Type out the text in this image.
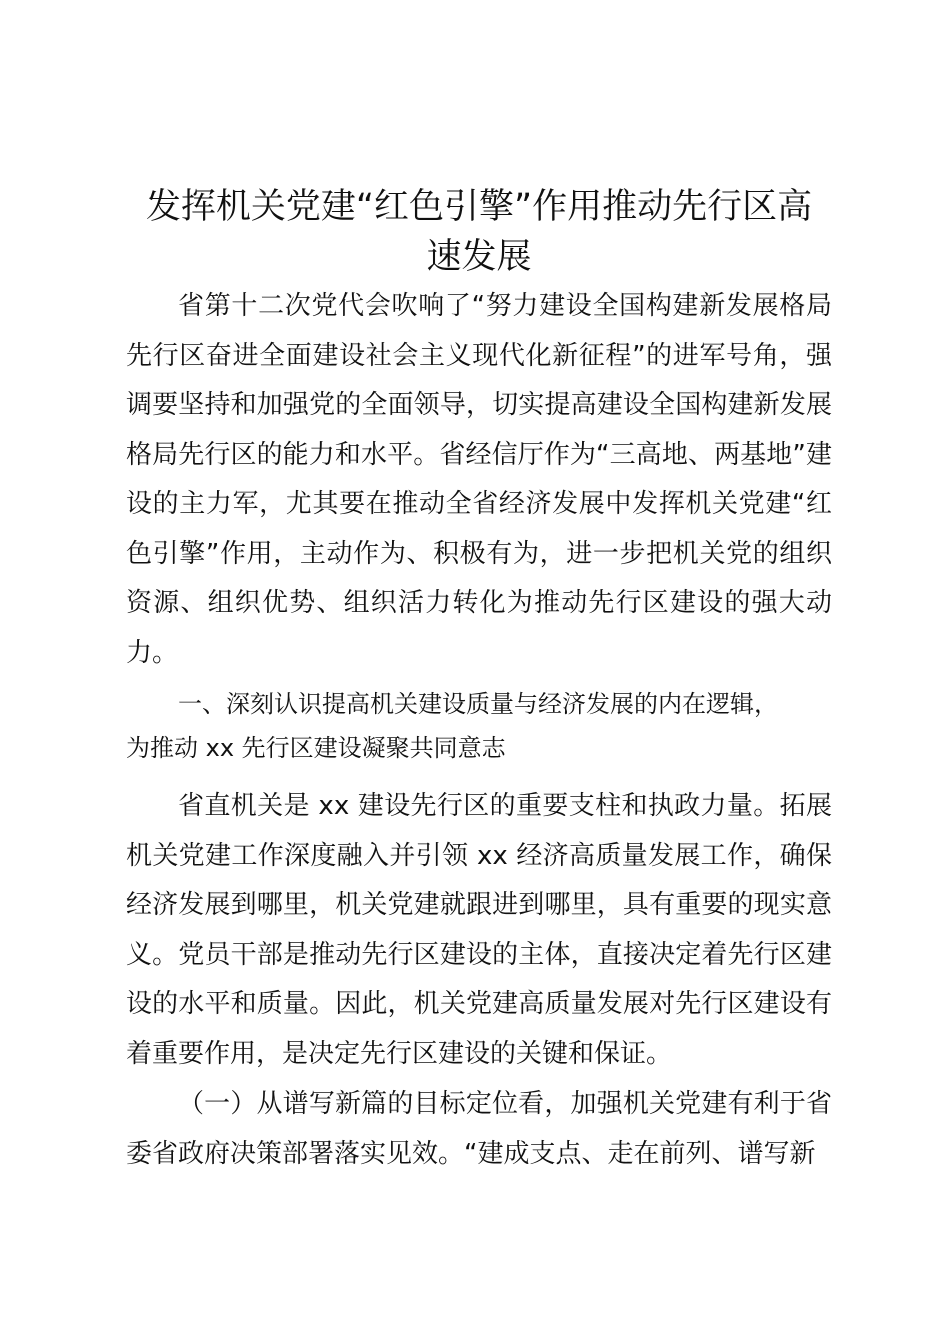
发挥机关党建“红色引擎”作用推动先行区高
速发展

省第十二次党代会吹响了“努力建设全国构建新发展格局先行区奋进全面建设社会主义现代化新征程”的进军号角，强调要坚持和加强党的全面领导，切实提高建设全国构建新发展格局先行区的能力和水平。省经信厅作为“三高地、两基地”建设的主力军，尤其要在推动全省经济发展中发挥机关党建“红色引擎”作用，主动作为、积极有为，进一步把机关党的组织资源、组织优势、组织活力转化为推动先行区建设的强大动力。

一、深刻认识提高机关建设质量与经济发展的内在逻辑，
为推动 xx 先行区建设凝聚共同意志

省直机关是 xx 建设先行区的重要支柱和执政力量。拓展机关党建工作深度融入并引领 xx 经济高质量发展工作，确保经济发展到哪里，机关党建就跟进到哪里，具有重要的现实意义。党员干部是推动先行区建设的主体，直接决定着先行区建设的水平和质量。因此，机关党建高质量发展对先行区建设有着重要作用，是决定先行区建设的关键和保证。

（一）从谱写新篇的目标定位看，加强机关党建有利于省委省政府决策部署落实见效。“建成支点、走在前列、谱写新
